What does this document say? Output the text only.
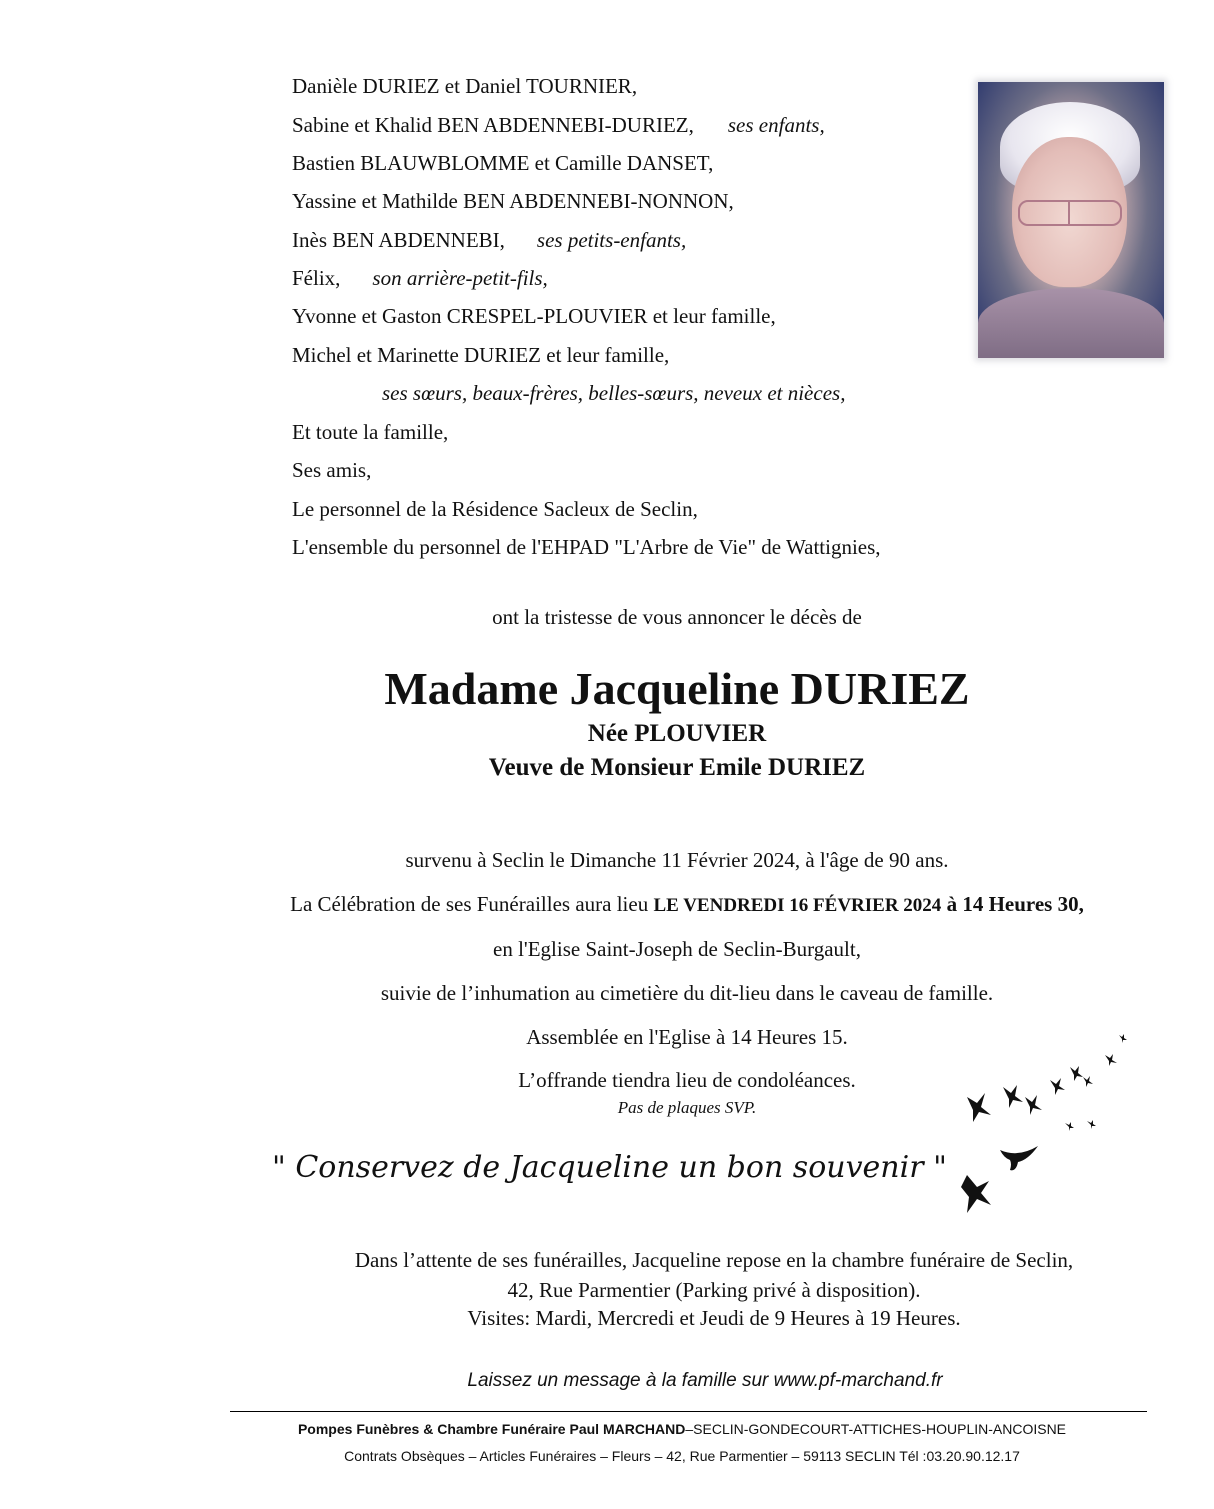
Danièle DURIEZ et Daniel TOURNIER,
Sabine et Khalid BEN ABDENNEBI-DURIEZ, ses enfants,
Bastien BLAUWBLOMME et Camille DANSET,
Yassine et Mathilde BEN ABDENNEBI-NONNON,
Inès BEN ABDENNEBI, ses petits-enfants,
Félix, son arrière-petit-fils,
Yvonne et Gaston CRESPEL-PLOUVIER et leur famille,
Michel et Marinette DURIEZ et leur famille,
ses sœurs, beaux-frères, belles-sœurs, neveux et nièces,
Et toute la famille,
Ses amis,
Le personnel de la Résidence Sacleux de Seclin,
L'ensemble du personnel de l'EHPAD "L'Arbre de Vie" de Wattignies,
ont la tristesse de vous annoncer le décès de
Madame Jacqueline DURIEZ
Née PLOUVIER
Veuve de Monsieur Emile DURIEZ
survenu à Seclin le Dimanche 11 Février 2024, à l'âge de 90 ans.
La Célébration de ses Funérailles aura lieu LE VENDREDI 16 FÉVRIER 2024 à 14 Heures 30,
en l'Eglise Saint-Joseph de Seclin-Burgault,
suivie de l’inhumation au cimetière du dit-lieu dans le caveau de famille.
Assemblée en l'Eglise à 14 Heures 15.
L’offrande tiendra lieu de condoléances.
Pas de plaques SVP.
" Conservez de Jacqueline un bon souvenir "
Dans l’attente de ses funérailles, Jacqueline repose en la chambre funéraire de Seclin,
42, Rue Parmentier (Parking privé à disposition).
Visites: Mardi, Mercredi et Jeudi de 9 Heures à 19 Heures.
Laissez un message à la famille sur www.pf-marchand.fr
Pompes Funèbres & Chambre Funéraire Paul MARCHAND–SECLIN-GONDECOURT-ATTICHES-HOUPLIN-ANCOISNE
Contrats Obsèques – Articles Funéraires – Fleurs – 42, Rue Parmentier – 59113 SECLIN Tél :03.20.90.12.17
